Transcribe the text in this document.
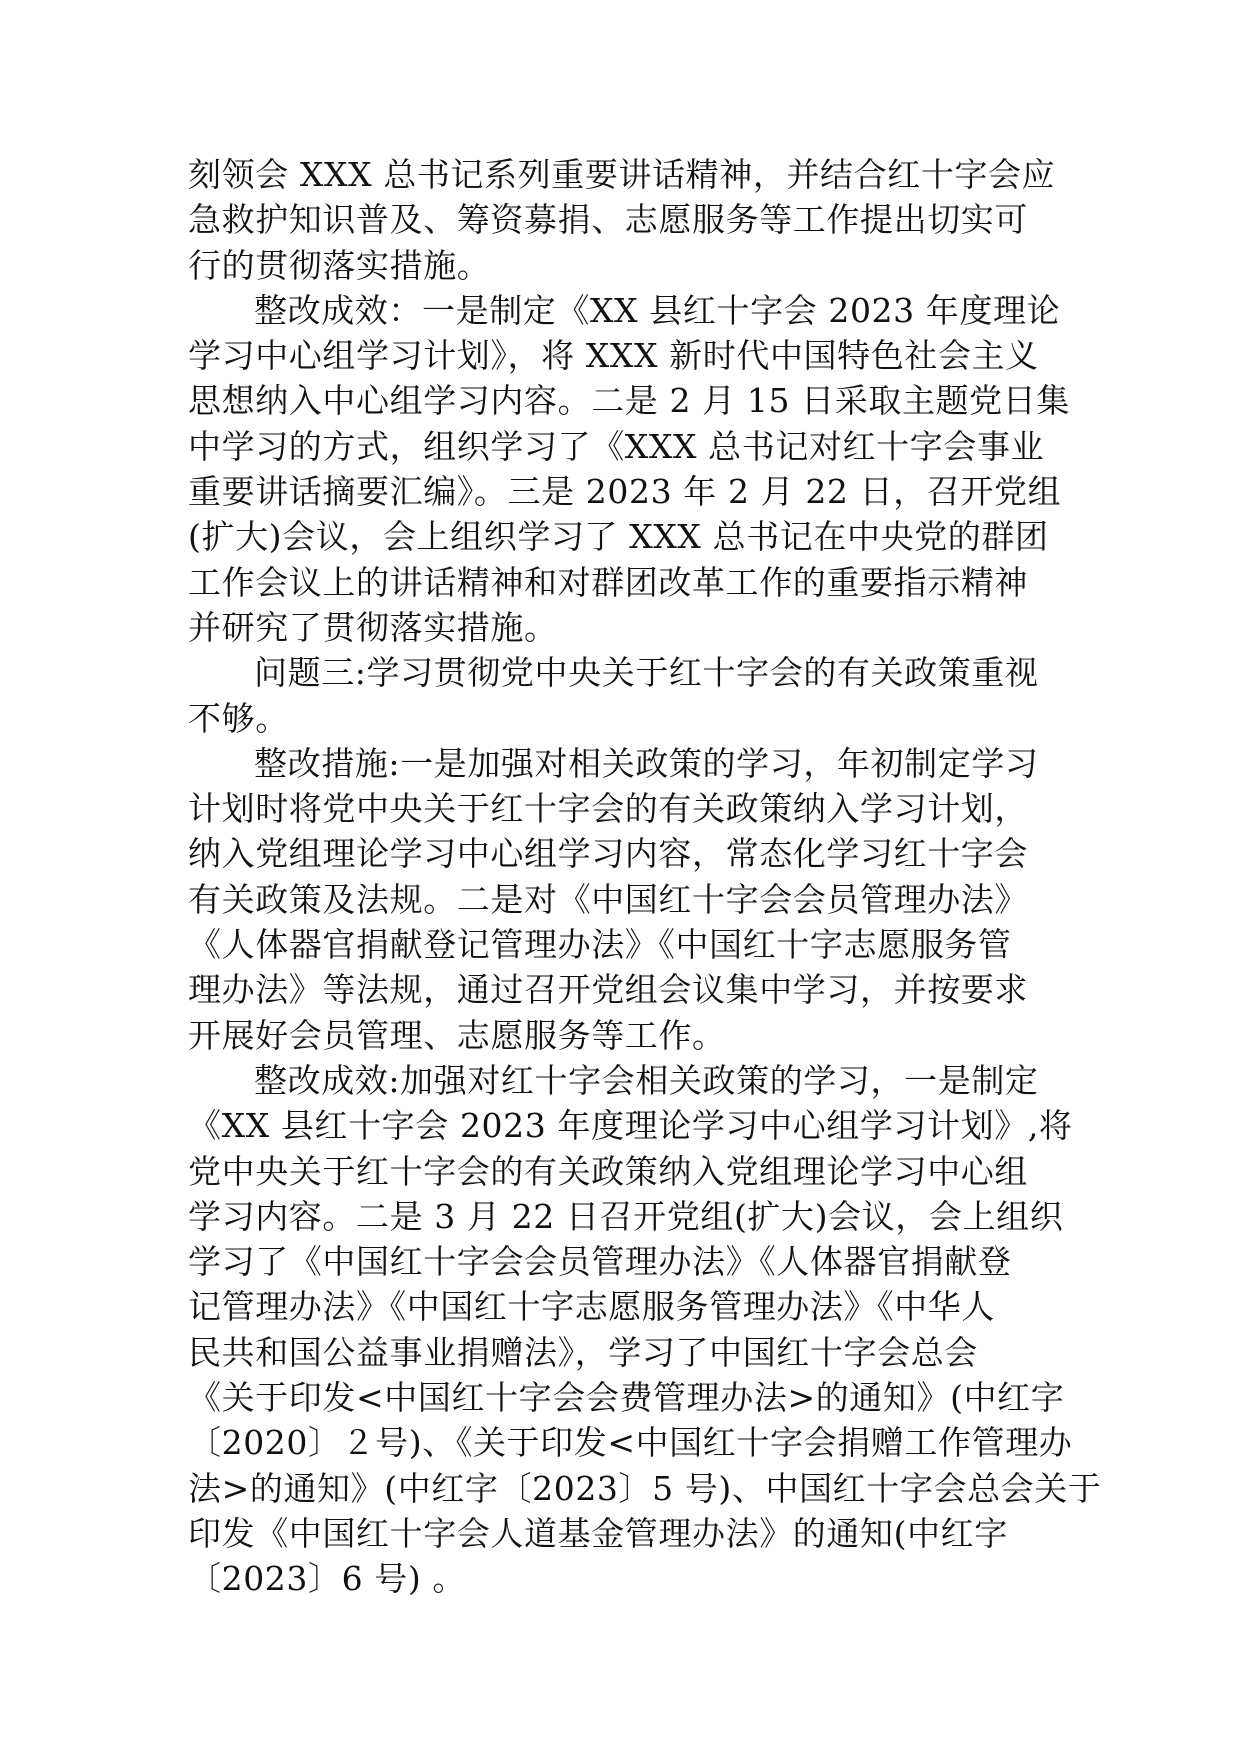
刻领会 XXX 总书记系列重要讲话精神，并结合红十字会应
急救护知识普及、筹资募捐、志愿服务等工作提出切实可
行的贯彻落实措施。
整改成效：一是制定《XX 县红十字会 2023 年度理论
学习中心组学习计划》，将 XXX 新时代中国特色社会主义
思想纳入中心组学习内容。二是 2 月 15 日采取主题党日集
中学习的方式，组织学习了《XXX 总书记对红十字会事业
重要讲话摘要汇编》。三是 2023 年 2 月 22 日，召开党组
(扩大)会议，会上组织学习了 XXX 总书记在中央党的群团
工作会议上的讲话精神和对群团改革工作的重要指示精神
并研究了贯彻落实措施。
问题三:学习贯彻党中央关于红十字会的有关政策重视
不够。
整改措施:一是加强对相关政策的学习，年初制定学习
计划时将党中央关于红十字会的有关政策纳入学习计划，
纳入党组理论学习中心组学习内容，常态化学习红十字会
有关政策及法规。二是对《中国红十字会会员管理办法》
《人体器官捐献登记管理办法》《中国红十字志愿服务管
理办法》等法规，通过召开党组会议集中学习，并按要求
开展好会员管理、志愿服务等工作。
整改成效:加强对红十字会相关政策的学习，一是制定
《XX 县红十字会 2023 年度理论学习中心组学习计划》,将
党中央关于红十字会的有关政策纳入党组理论学习中心组
学习内容。二是 3 月 22 日召开党组(扩大)会议，会上组织
学习了《中国红十字会会员管理办法》《人体器官捐献登
记管理办法》《中国红十字志愿服务管理办法》《中华人
民共和国公益事业捐赠法》，学习了中国红十字会总会
《关于印发<中国红十字会会费管理办法>的通知》(中红字
〔2020〕２号)、《关于印发<中国红十字会捐赠工作管理办
法>的通知》(中红字〔2023〕5 号)、中国红十字会总会关于
印发《中国红十字会人道基金管理办法》的通知(中红字
〔2023〕6 号) 。
